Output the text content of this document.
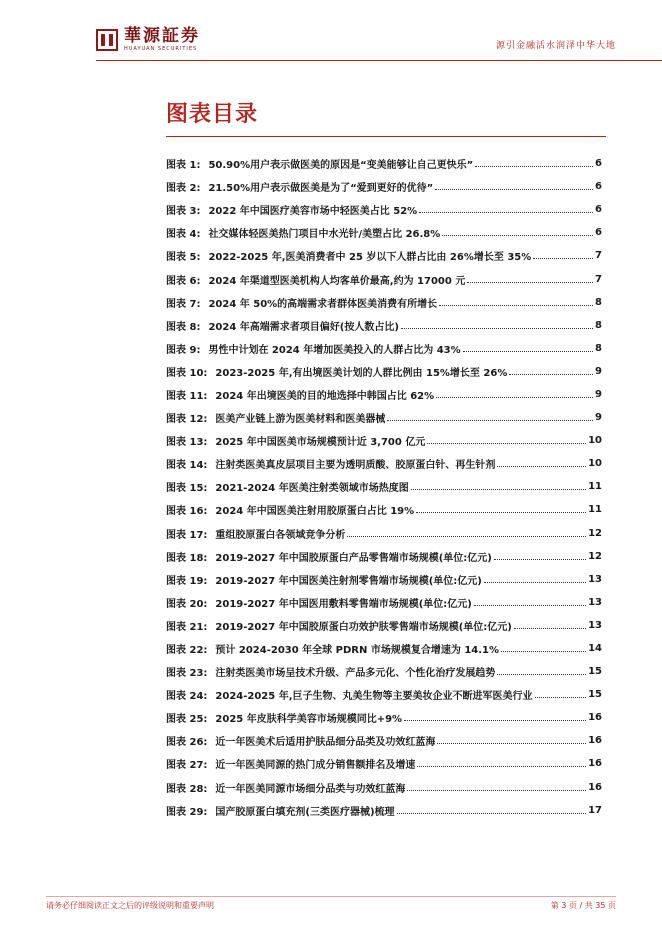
華源証券
HUAYUAN SECURITIES	源引金融活水润泽中华大地
图表目录
图表 1: 50.90%用户表示做医美的原因是“变美能够让自己更快乐”	6
图表 2: 21.50%用户表示做医美是为了“爱到更好的优待”	6
图表 3: 2022 年中国医疗美容市场中轻医美占比 52%	6
图表 4: 社交媒体轻医美热门项目中水光针/美塑占比 26.8%	6
图表 5: 2022-2025 年,医美消费者中 25 岁以下人群占比由 26%增长至 35%	7
图表 6: 2024 年渠道型医美机构人均客单价最高,约为 17000 元	7
图表 7: 2024 年 50%的高端需求者群体医美消费有所增长	8
图表 8: 2024 年高端需求者项目偏好(按人数占比)	8
图表 9: 男性中计划在 2024 年增加医美投入的人群占比为 43%	8
图表 10: 2023-2025 年,有出境医美计划的人群比例由 15%增长至 26%	9
图表 11: 2024 年出境医美的目的地选择中韩国占比 62%	9
图表 12: 医美产业链上游为医美材料和医美器械	9
图表 13: 2025 年中国医美市场规模预计近 3,700 亿元	10
图表 14: 注射类医美真皮层项目主要为透明质酸、胶原蛋白针、再生针剂	10
图表 15: 2021-2024 年医美注射类领域市场热度图	11
图表 16: 2024 年中国医美注射用胶原蛋白占比 19%	11
图表 17: 重组胶原蛋白各领域竞争分析	12
图表 18: 2019-2027 年中国胶原蛋白产品零售端市场规模(单位:亿元)	12
图表 19: 2019-2027 年中国医美注射剂零售端市场规模(单位:亿元)	13
图表 20: 2019-2027 年中国医用敷料零售端市场规模(单位:亿元)	13
图表 21: 2019-2027 年中国胶原蛋白功效护肤零售端市场规模(单位:亿元)	13
图表 22: 预计 2024-2030 年全球 PDRN 市场规模复合增速为 14.1%	14
图表 23: 注射类医美市场呈技术升级、产品多元化、个性化治疗发展趋势	15
图表 24: 2024-2025 年,巨子生物、丸美生物等主要美妆企业不断进军医美行业	15
图表 25: 2025 年皮肤科学美容市场规模同比+9%	16
图表 26: 近一年医美术后适用护肤品细分品类及功效红蓝海	16
图表 27: 近一年医美同源的热门成分销售额排名及增速	16
图表 28: 近一年医美同源市场细分品类与功效红蓝海	16
图表 29: 国产胶原蛋白填充剂(三类医疗器械)梳理	17
请务必仔细阅读正文之后的评级说明和重要声明	第 3 页 / 共 35 页
